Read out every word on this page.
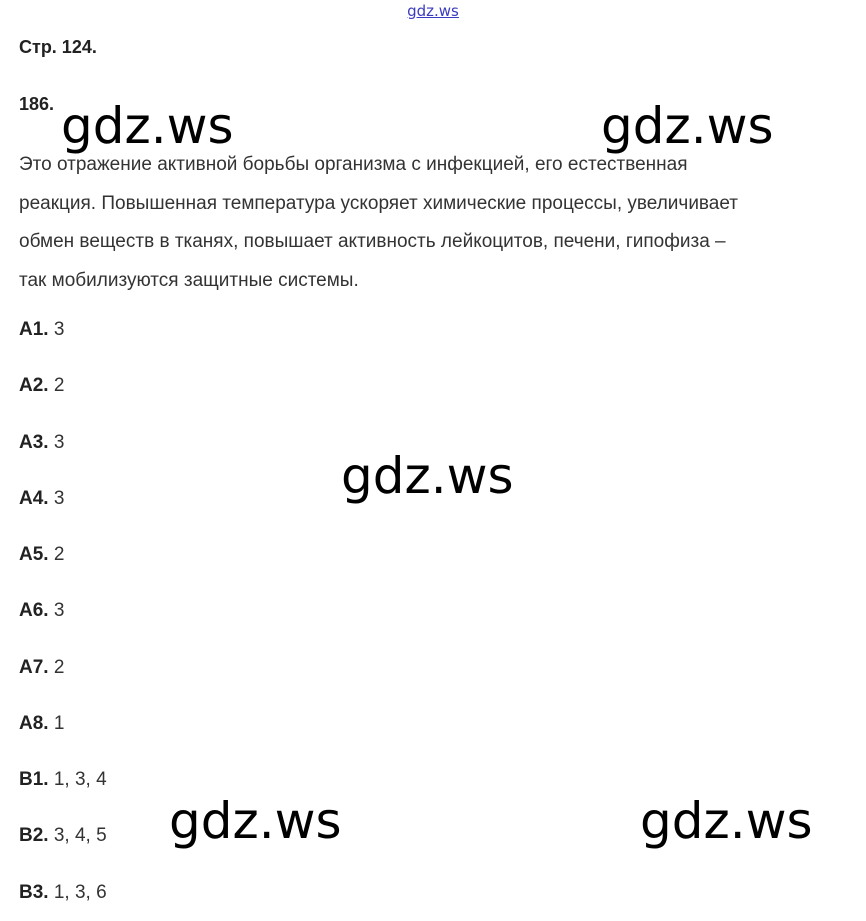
gdz.ws
Стр. 124.
186.
Это отражение активной борьбы организма с инфекцией, его естественная
реакция. Повышенная температура ускоряет химические процессы, увеличивает
обмен веществ в тканях, повышает активность лейкоцитов, печени, гипофиза –
так мобилизуются защитные системы.
А1. 3
А2. 2
А3. 3
А4. 3
А5. 2
А6. 3
А7. 2
А8. 1
В1. 1, 3, 4
В2. 3, 4, 5
В3. 1, 3, 6
gdz.ws	gdz.ws
gdz.ws
gdz.ws	gdz.ws
